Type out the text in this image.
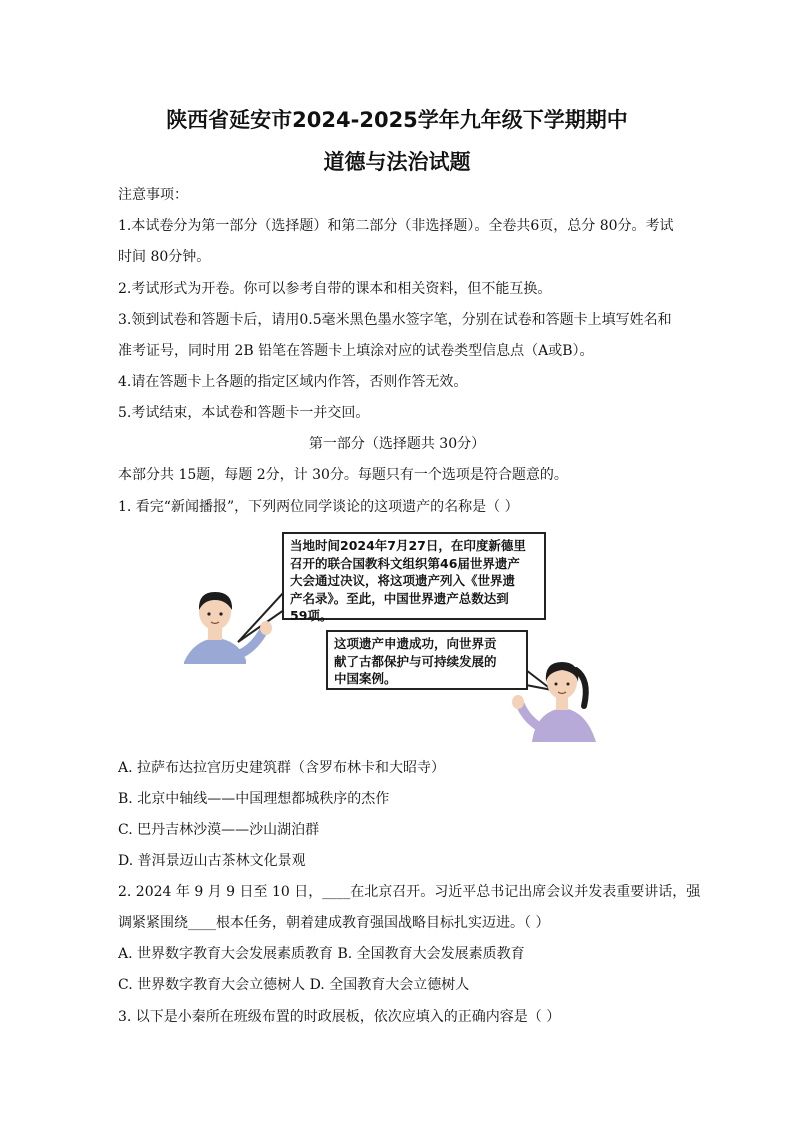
陕西省延安市2024-2025学年九年级下学期期中
道德与法治试题
注意事项：
1.本试卷分为第一部分（选择题）和第二部分（非选择题）。全卷共6页，总分 80分。考试
时间 80分钟。
2.考试形式为开卷。你可以参考自带的课本和相关资料，但不能互换。
3.领到试卷和答题卡后，请用0.5毫米黑色墨水签字笔，分别在试卷和答题卡上填写姓名和
准考证号，同时用 2B 铅笔在答题卡上填涂对应的试卷类型信息点（A或B）。
4.请在答题卡上各题的指定区域内作答，否则作答无效。
5.考试结束，本试卷和答题卡一并交回。
第一部分（选择题共 30分）
本部分共 15题，每题 2分，计 30分。每题只有一个选项是符合题意的。
1. 看完“新闻播报”，下列两位同学谈论的这项遗产的名称是（ ）
当地时间2024年7月27日，在印度新德里
召开的联合国教科文组织第46届世界遗产
大会通过决议，将这项遗产列入《世界遗
产名录》。至此，中国世界遗产总数达到
59项。
这项遗产申遗成功，向世界贡
献了古都保护与可持续发展的
中国案例。
A. 拉萨布达拉宫历史建筑群（含罗布林卡和大昭寺）
B. 北京中轴线——中国理想都城秩序的杰作
C. 巴丹吉林沙漠——沙山湖泊群
D. 普洱景迈山古茶林文化景观
2. 2024 年 9 月 9 日至 10 日，____在北京召开。习近平总书记出席会议并发表重要讲话，强
调紧紧围绕____根本任务，朝着建成教育强国战略目标扎实迈进。（ ）
A. 世界数字教育大会发展素质教育 B. 全国教育大会发展素质教育
C. 世界数字教育大会立德树人 D. 全国教育大会立德树人
3. 以下是小秦所在班级布置的时政展板，依次应填入的正确内容是（ ）
